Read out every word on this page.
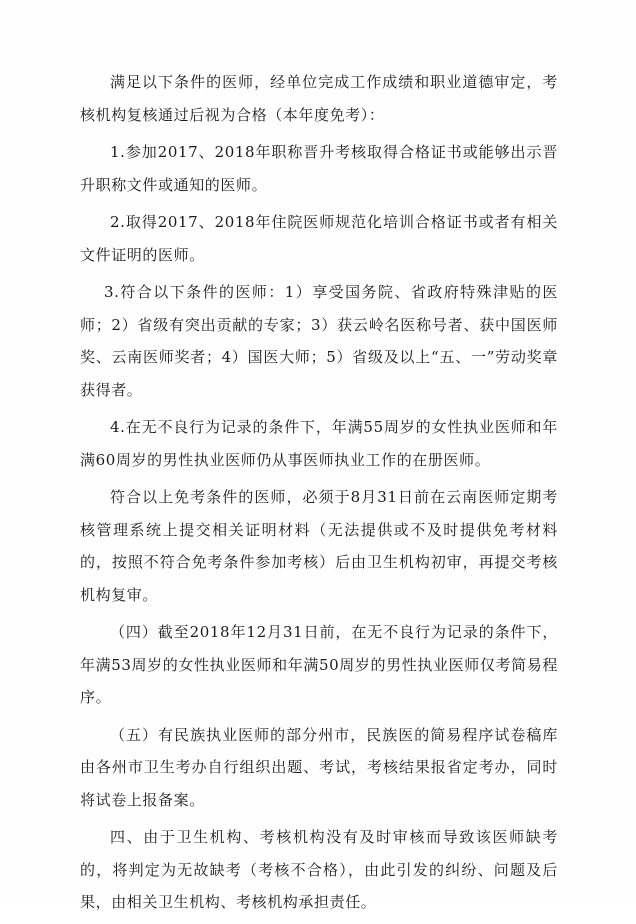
满足以下条件的医师，经单位完成工作成绩和职业道德审定，考核机构复核通过后视为合格（本年度免考）：

1.参加2017、2018年职称晋升考核取得合格证书或能够出示晋升职称文件或通知的医师。

2.取得2017、2018年住院医师规范化培训合格证书或者有相关文件证明的医师。

3.符合以下条件的医师：1）享受国务院、省政府特殊津贴的医师；2）省级有突出贡献的专家；3）获云岭名医称号者、获中国医师奖、云南医师奖者；4）国医大师；5）省级及以上“五、一”劳动奖章获得者。

4.在无不良行为记录的条件下，年满55周岁的女性执业医师和年满60周岁的男性执业医师仍从事医师执业工作的在册医师。

符合以上免考条件的医师，必须于8月31日前在云南医师定期考核管理系统上提交相关证明材料（无法提供或不及时提供免考材料的，按照不符合免考条件参加考核）后由卫生机构初审，再提交考核机构复审。

（四）截至2018年12月31日前，在无不良行为记录的条件下，年满53周岁的女性执业医师和年满50周岁的男性执业医师仅考简易程序。

（五）有民族执业医师的部分州市，民族医的简易程序试卷稿库由各州市卫生考办自行组织出题、考试，考核结果报省定考办，同时将试卷上报备案。

四、由于卫生机构、考核机构没有及时审核而导致该医师缺考的，将判定为无故缺考（考核不合格），由此引发的纠纷、问题及后果，由相关卫生机构、考核机构承担责任。
